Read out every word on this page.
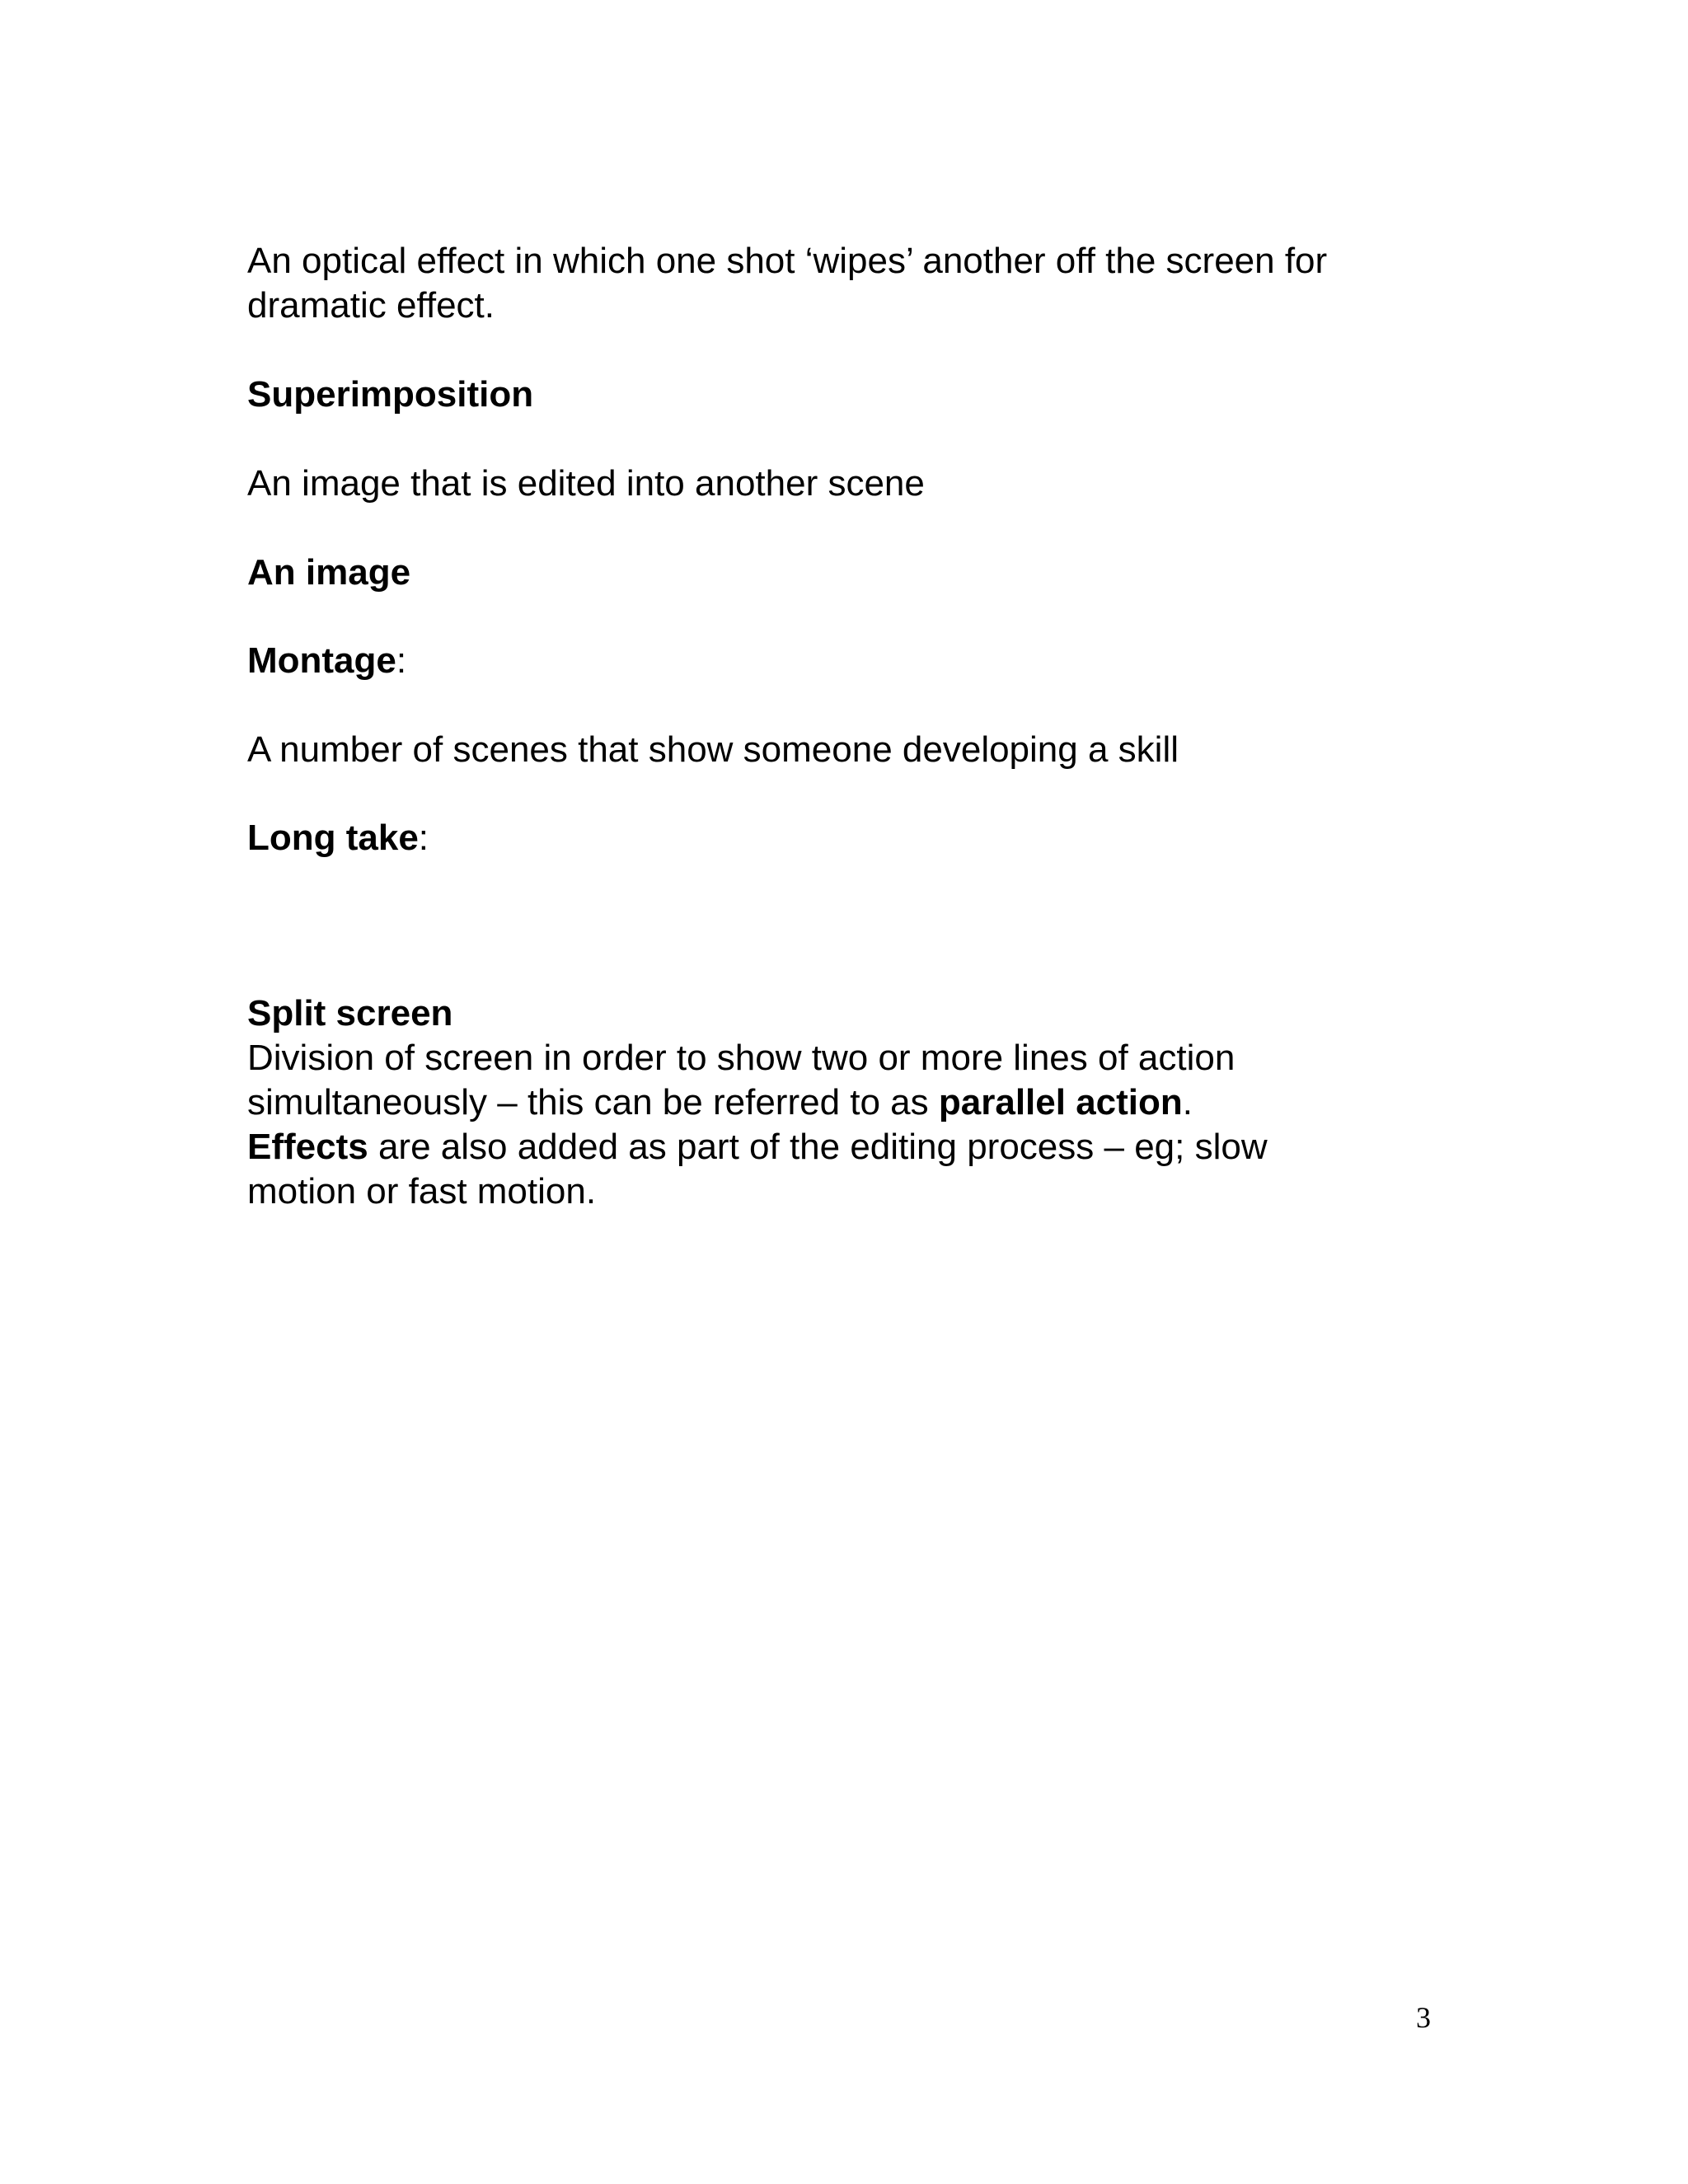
An optical effect in which one shot ‘wipes’ another off the screen for

dramatic effect.

Superimposition

An image that is edited into another scene

An image

Montage:

A number of scenes that show someone developing a skill

Long take:

Split screen

Division of screen in order to show two or more lines of action

simultaneously – this can be referred to as parallel action.

Effects are also added as part of the editing process – eg; slow

motion or fast motion.

3
